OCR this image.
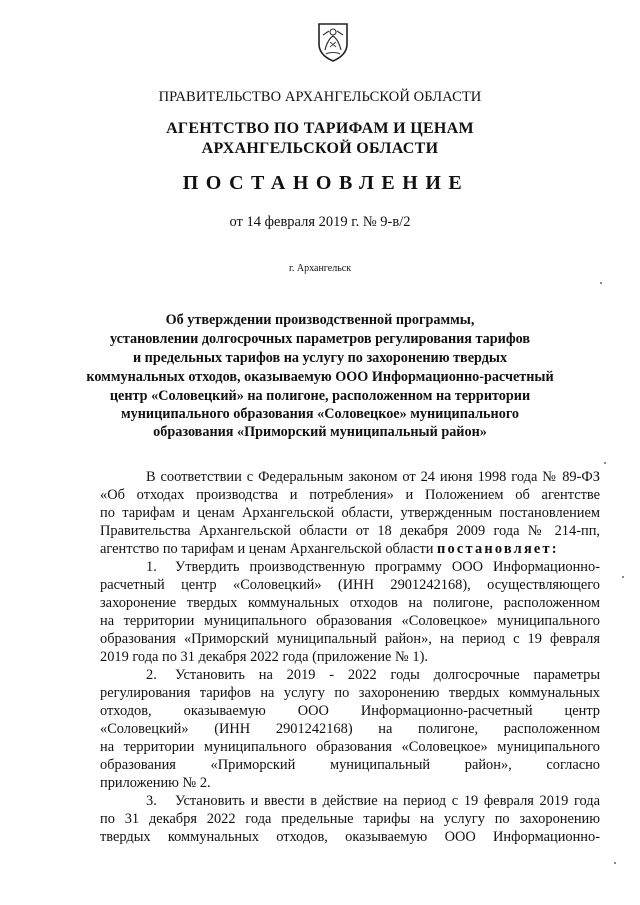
ПРАВИТЕЛЬСТВО АРХАНГЕЛЬСКОЙ ОБЛАСТИ
АГЕНТСТВО ПО ТАРИФАМ И ЦЕНАМ
АРХАНГЕЛЬСКОЙ ОБЛАСТИ
ПОСТАНОВЛЕНИЕ
от 14 февраля 2019 г. № 9-в/2
г. Архангельск
Об утверждении производственной программы,
установлении долгосрочных параметров регулирования тарифов
и предельных тарифов на услугу по захоронению твердых
коммунальных отходов, оказываемую ООО Информационно-расчетный
центр «Соловецкий» на полигоне, расположенном на территории
муниципального образования «Соловецкое» муниципального
образования «Приморский муниципальный район»
В соответствии с Федеральным законом от 24 июня 1998 года № 89-ФЗ
«Об отходах производства и потребления» и Положением об агентстве
по тарифам и ценам Архангельской области, утвержденным постановлением
Правительства Архангельской области от 18 декабря 2009 года № 214-пп,
агентство по тарифам и ценам Архангельской области постановляет:
1. Утвердить производственную программу ООО Информационно-
расчетный центр «Соловецкий» (ИНН 2901242168), осуществляющего
захоронение твердых коммунальных отходов на полигоне, расположенном
на территории муниципального образования «Соловецкое» муниципального
образования «Приморский муниципальный район», на период с 19 февраля
2019 года по 31 декабря 2022 года (приложение № 1).
2. Установить на 2019 - 2022 годы долгосрочные параметры
регулирования тарифов на услугу по захоронению твердых коммунальных
отходов, оказываемую ООО Информационно-расчетный центр
«Соловецкий» (ИНН 2901242168) на полигоне, расположенном
на территории муниципального образования «Соловецкое» муниципального
образования «Приморский муниципальный район», согласно
приложению № 2.
3. Установить и ввести в действие на период с 19 февраля 2019 года
по 31 декабря 2022 года предельные тарифы на услугу по захоронению
твердых коммунальных отходов, оказываемую ООО Информационно-
